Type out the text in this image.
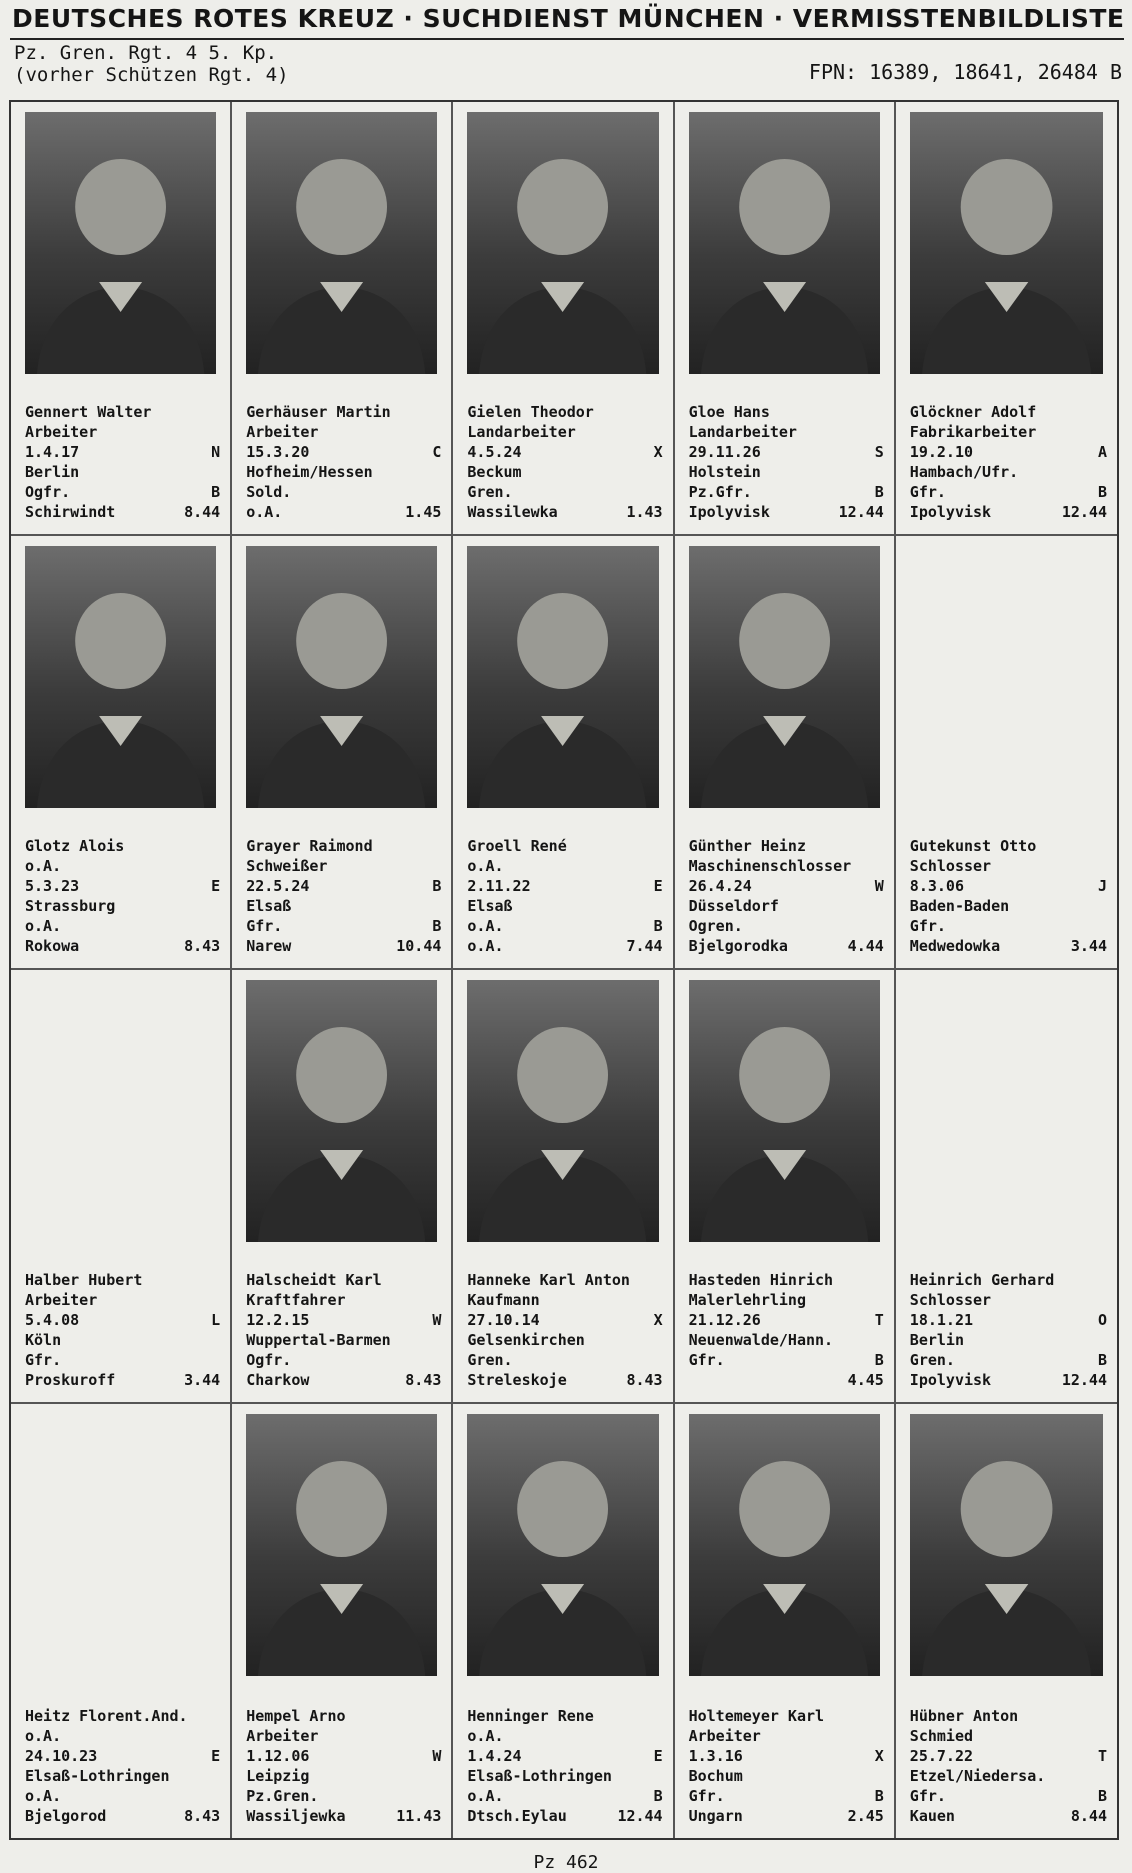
DEUTSCHES ROTES KREUZ · SUCHDIENST MÜNCHEN · VERMISSTENBILDLISTE
Pz. Gren. Rgt. 4 5. Kp.
(vorher Schützen Rgt. 4)	FPN: 16389, 18641, 26484 B
Gennert Walter
Arbeiter
1.4.17	N
Berlin
Ogfr.	B
Schirwindt	8.44
Gerhäuser Martin
Arbeiter
15.3.20	C
Hofheim/Hessen
Sold.
o.A.	1.45
Gielen Theodor
Landarbeiter
4.5.24	X
Beckum
Gren.
Wassilewka	1.43
Gloe Hans
Landarbeiter
29.11.26	S
Holstein
Pz.Gfr.	B
Ipolyvisk	12.44
Glöckner Adolf
Fabrikarbeiter
19.2.10	A
Hambach/Ufr.
Gfr.	B
Ipolyvisk	12.44
Glotz Alois
o.A.
5.3.23	E
Strassburg
o.A.
Rokowa	8.43
Grayer Raimond
Schweißer
22.5.24	B
Elsaß
Gfr.	B
Narew	10.44
Groell René
o.A.
2.11.22	E
Elsaß
o.A.	B
o.A.	7.44
Günther Heinz
Maschinenschlosser
26.4.24	W
Düsseldorf
Ogren.
Bjelgorodka	4.44
Gutekunst Otto
Schlosser
8.3.06	J
Baden-Baden
Gfr.
Medwedowka	3.44
Halber Hubert
Arbeiter
5.4.08	L
Köln
Gfr.
Proskuroff	3.44
Halscheidt Karl
Kraftfahrer
12.2.15	W
Wuppertal-Barmen
Ogfr.
Charkow	8.43
Hanneke Karl Anton
Kaufmann
27.10.14	X
Gelsenkirchen
Gren.
Streleskoje	8.43
Hasteden Hinrich
Malerlehrling
21.12.26	T
Neuenwalde/Hann.
Gfr.	B
4.45
Heinrich Gerhard
Schlosser
18.1.21	O
Berlin
Gren.	B
Ipolyvisk	12.44
Heitz Florent.And.
o.A.
24.10.23	E
Elsaß-Lothringen
o.A.
Bjelgorod	8.43
Hempel Arno
Arbeiter
1.12.06	W
Leipzig
Pz.Gren.
Wassiljewka	11.43
Henninger Rene
o.A.
1.4.24	E
Elsaß-Lothringen
o.A.	B
Dtsch.Eylau	12.44
Holtemeyer Karl
Arbeiter
1.3.16	X
Bochum
Gfr.	B
Ungarn	2.45
Hübner Anton
Schmied
25.7.22	T
Etzel/Niedersa.
Gfr.	B
Kauen	8.44
Pz 462
